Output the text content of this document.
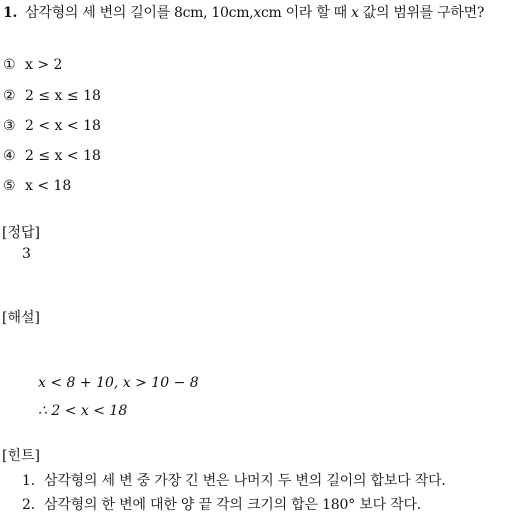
1. 삼각형의 세 변의 길이를 8cm, 10cm,xcm 이라 할 때 x 값의 범위를 구하면?
① x > 2
② 2 ≤ x ≤ 18
③ 2 < x < 18
④ 2 ≤ x < 18
⑤ x < 18
[정답]
3
[해설]
x < 8 + 10, x > 10 − 8
∴ 2 < x < 18
[힌트]
1. 삼각형의 세 변 중 가장 긴 변은 나머지 두 변의 길이의 합보다 작다.
2. 삼각형의 한 변에 대한 양 끝 각의 크기의 합은 180° 보다 작다.
